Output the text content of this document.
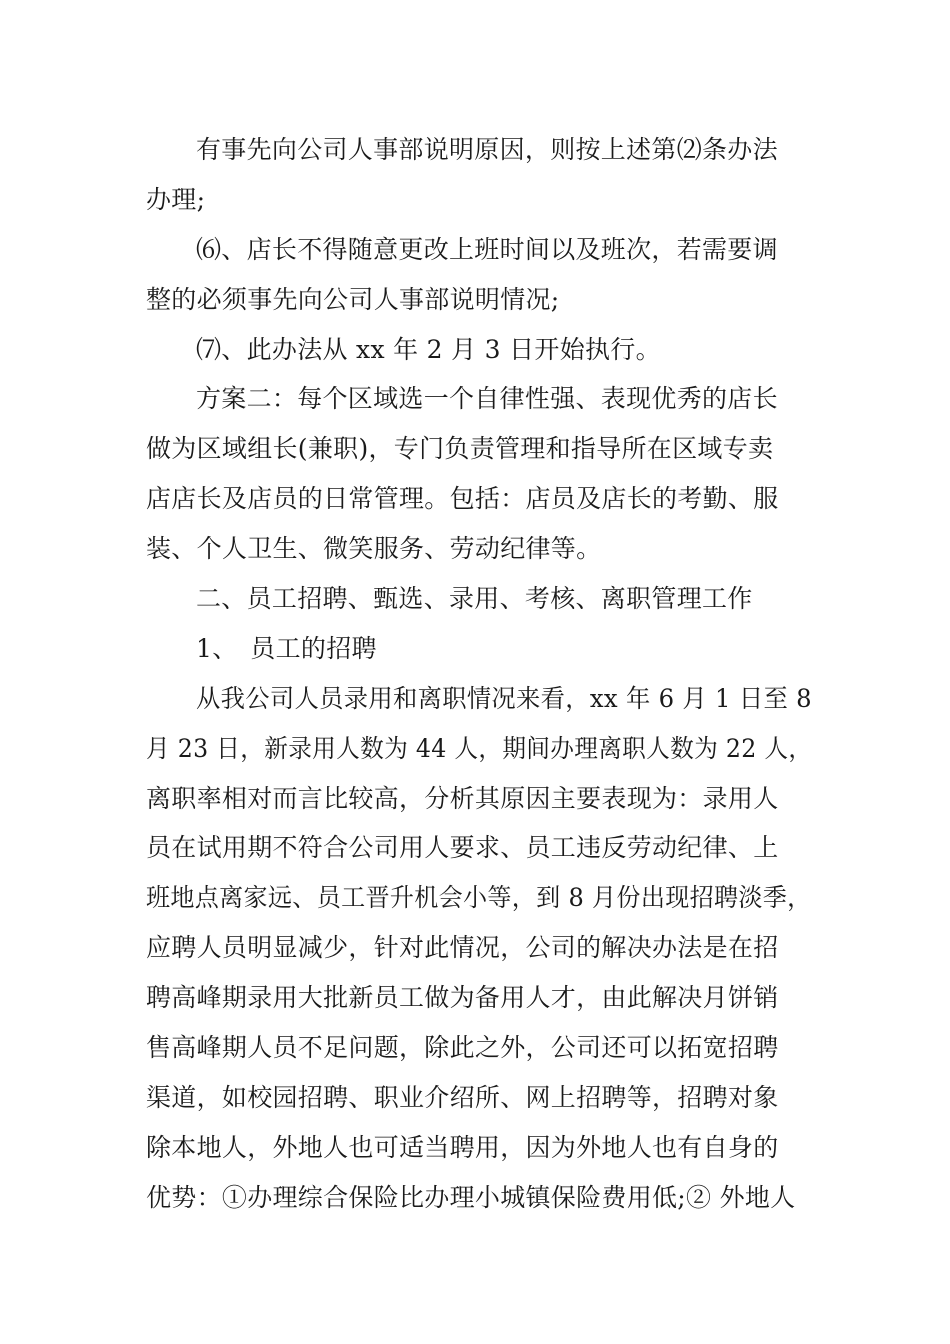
有事先向公司人事部说明原因，则按上述第⑵条办法
办理;
⑹、店长不得随意更改上班时间以及班次，若需要调
整的必须事先向公司人事部说明情况;
⑺、此办法从 xx 年 2 月 3 日开始执行。
方案二：每个区域选一个自律性强、表现优秀的店长
做为区域组长(兼职)，专门负责管理和指导所在区域专卖
店店长及店员的日常管理。包括：店员及店长的考勤、服
装、个人卫生、微笑服务、劳动纪律等。
二、员工招聘、甄选、录用、考核、离职管理工作
1、　员工的招聘
从我公司人员录用和离职情况来看，xx 年 6 月 1 日至 8
月 23 日，新录用人数为 44 人，期间办理离职人数为 22 人，
离职率相对而言比较高，分析其原因主要表现为：录用人
员在试用期不符合公司用人要求、员工违反劳动纪律、上
班地点离家远、员工晋升机会小等，到 8 月份出现招聘淡季，
应聘人员明显减少，针对此情况，公司的解决办法是在招
聘高峰期录用大批新员工做为备用人才，由此解决月饼销
售高峰期人员不足问题，除此之外，公司还可以拓宽招聘
渠道，如校园招聘、职业介绍所、网上招聘等，招聘对象
除本地人，外地人也可适当聘用，因为外地人也有自身的
优势：①办理综合保险比办理小城镇保险费用低;② 外地人
